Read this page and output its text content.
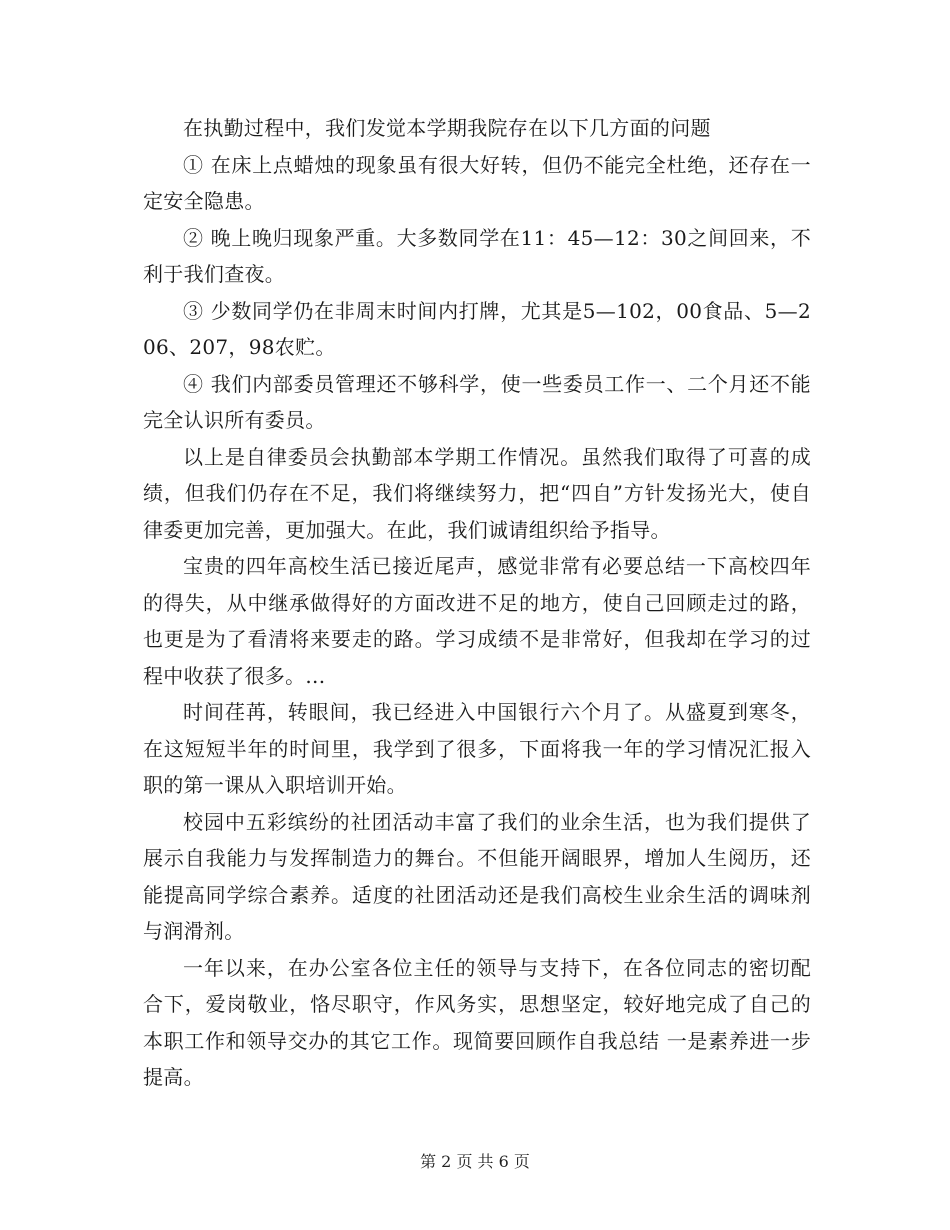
在执勤过程中，我们发觉本学期我院存在以下几方面的问题

① 在床上点蜡烛的现象虽有很大好转，但仍不能完全杜绝，还存在一定安全隐患。

② 晚上晚归现象严重。大多数同学在11：45—12：30之间回来，不利于我们查夜。

③ 少数同学仍在非周末时间内打牌，尤其是5—102，00食品、5—206、207，98农贮。

④ 我们内部委员管理还不够科学，使一些委员工作一、二个月还不能完全认识所有委员。

以上是自律委员会执勤部本学期工作情况。虽然我们取得了可喜的成绩，但我们仍存在不足，我们将继续努力，把“四自”方针发扬光大，使自律委更加完善，更加强大。在此，我们诚请组织给予指导。

宝贵的四年高校生活已接近尾声，感觉非常有必要总结一下高校四年的得失，从中继承做得好的方面改进不足的地方，使自己回顾走过的路，也更是为了看清将来要走的路。学习成绩不是非常好，但我却在学习的过程中收获了很多。...

时间荏苒，转眼间，我已经进入中国银行六个月了。从盛夏到寒冬，在这短短半年的时间里，我学到了很多，下面将我一年的学习情况汇报入职的第一课从入职培训开始。

校园中五彩缤纷的社团活动丰富了我们的业余生活，也为我们提供了展示自我能力与发挥制造力的舞台。不但能开阔眼界，增加人生阅历，还能提高同学综合素养。适度的社团活动还是我们高校生业余生活的调味剂与润滑剂。

一年以来，在办公室各位主任的领导与支持下，在各位同志的密切配合下，爱岗敬业，恪尽职守，作风务实，思想坚定，较好地完成了自己的本职工作和领导交办的其它工作。现简要回顾作自我总结 一是素养进一步提高。

第 2 页 共 6 页
